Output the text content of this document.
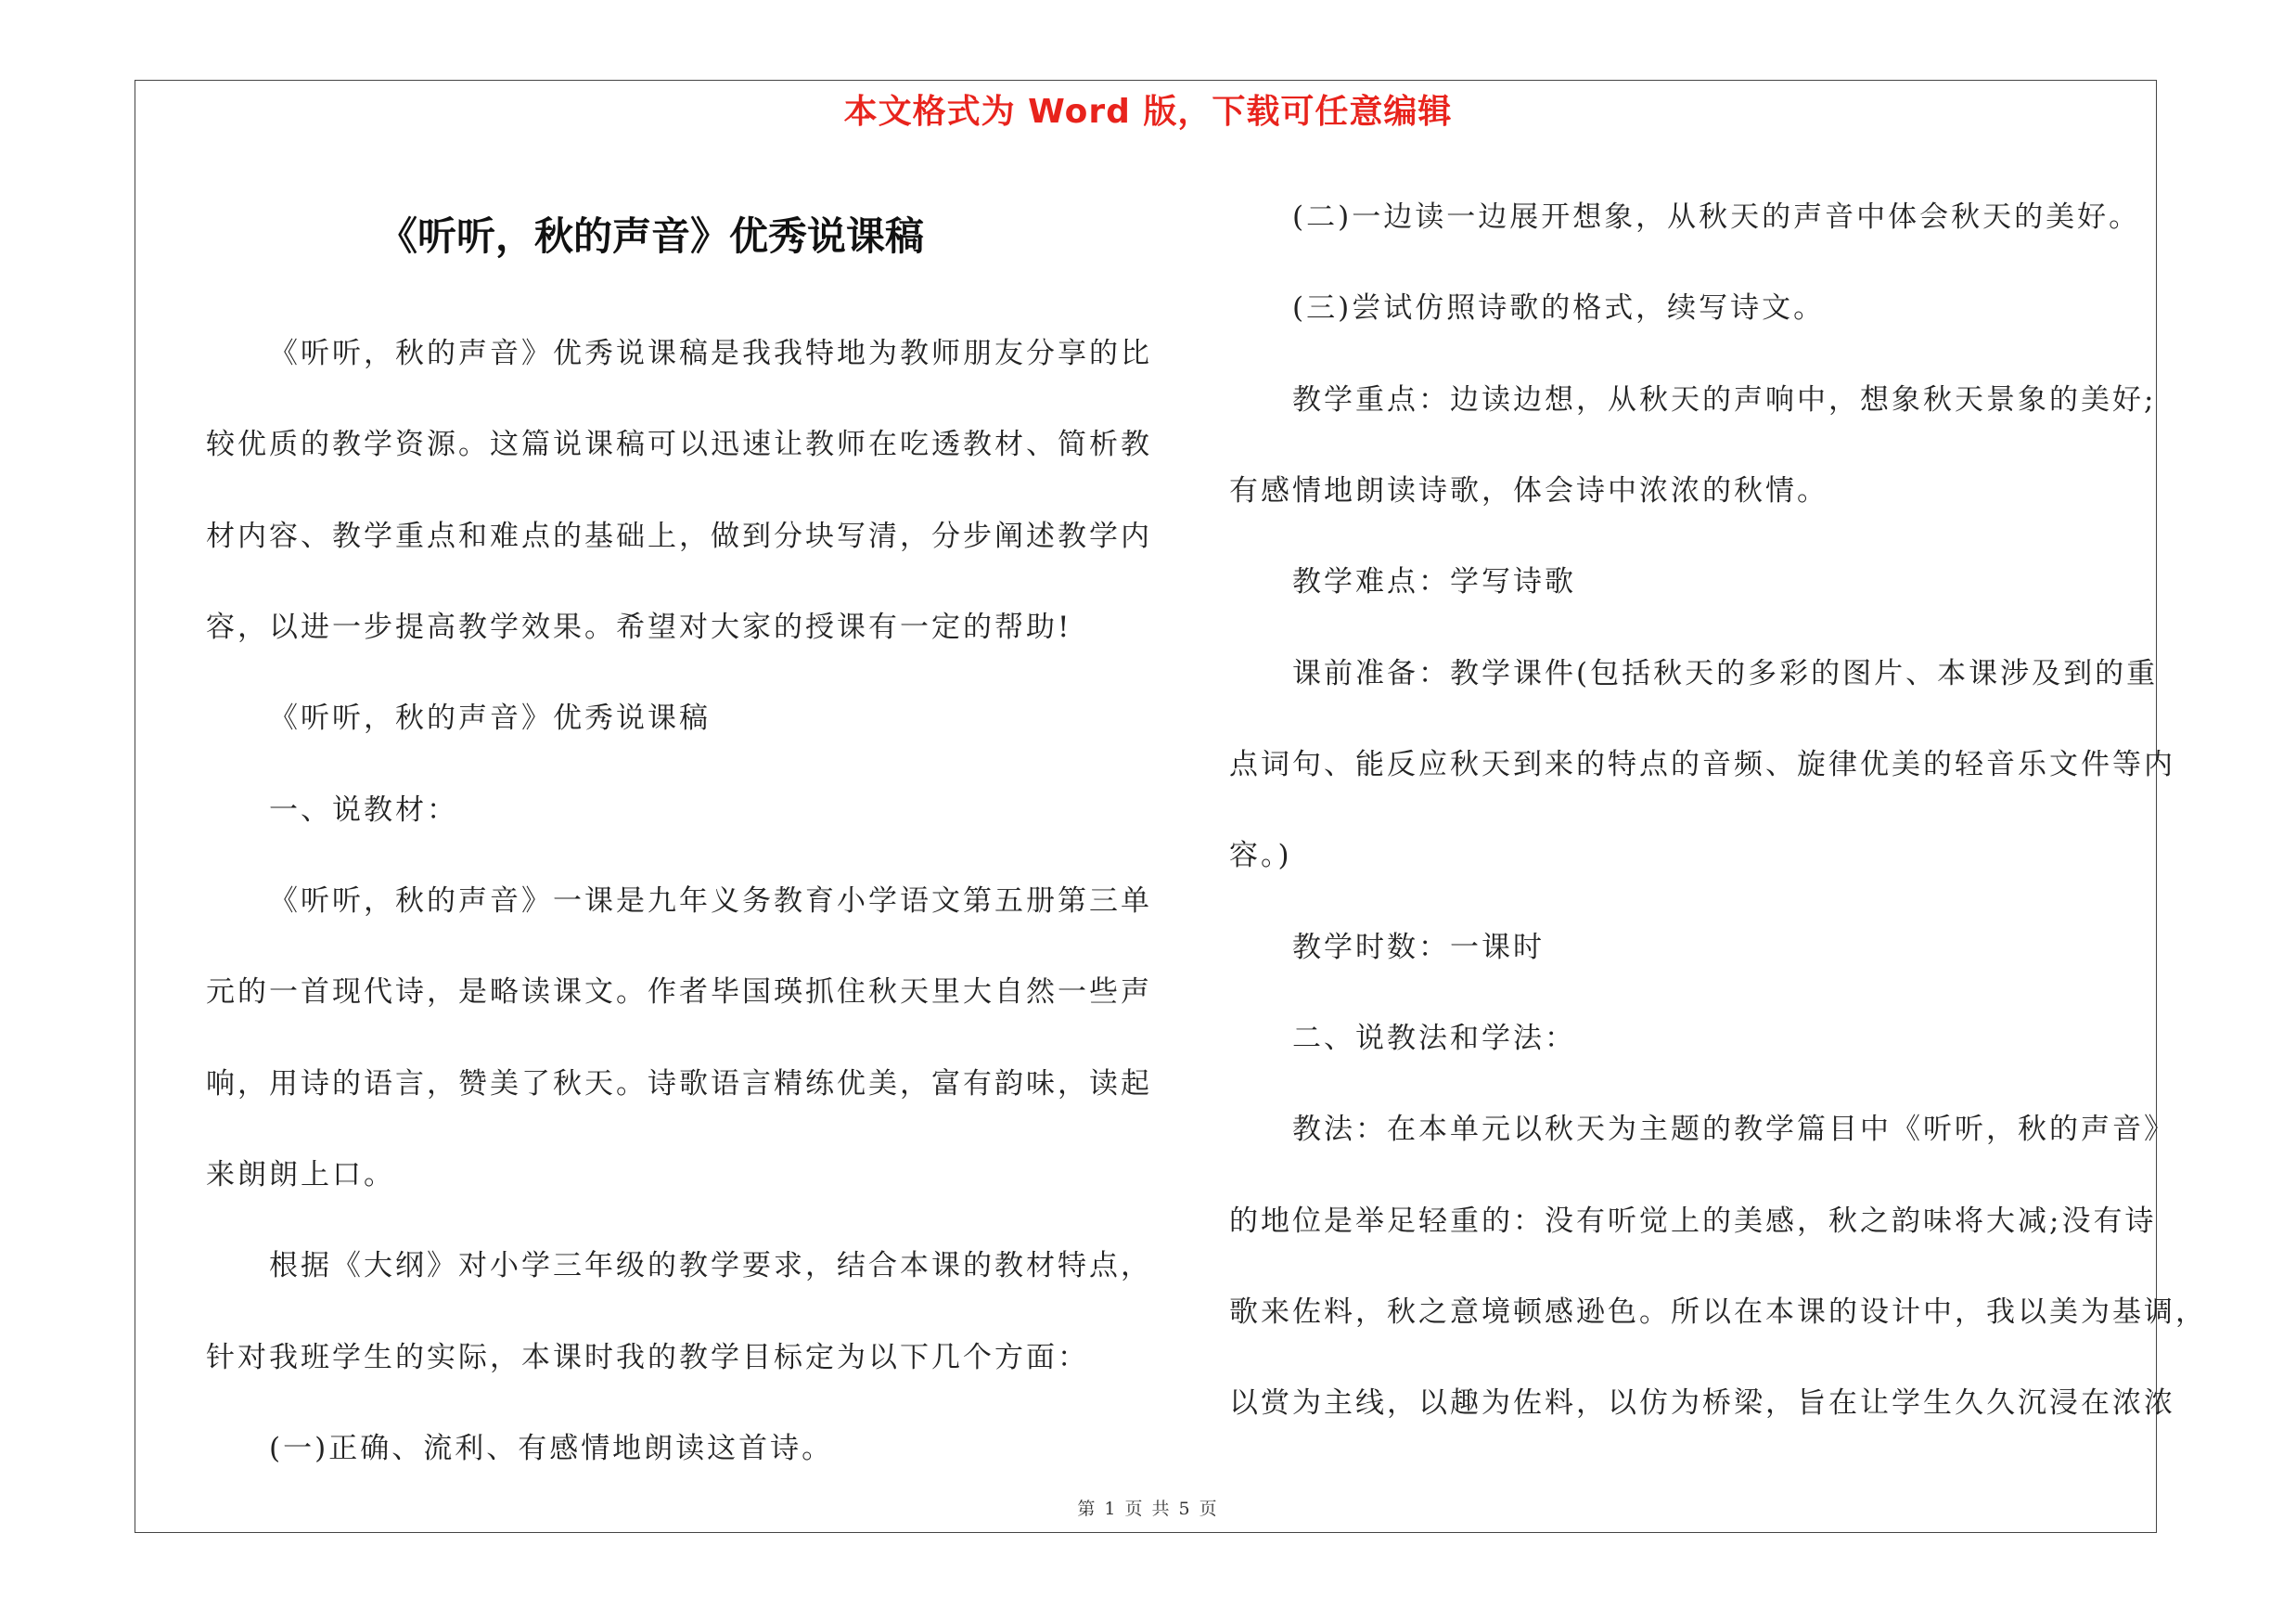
本文格式为 Word 版，下载可任意编辑
《听听，秋的声音》优秀说课稿
《听听，秋的声音》优秀说课稿是我我特地为教师朋友分享的比
较优质的教学资源。这篇说课稿可以迅速让教师在吃透教材、简析教
材内容、教学重点和难点的基础上，做到分块写清，分步阐述教学内
容，以进一步提高教学效果。希望对大家的授课有一定的帮助!
《听听，秋的声音》优秀说课稿
一、说教材：
《听听，秋的声音》一课是九年义务教育小学语文第五册第三单
元的一首现代诗，是略读课文。作者毕国瑛抓住秋天里大自然一些声
响，用诗的语言，赞美了秋天。诗歌语言精练优美，富有韵味，读起
来朗朗上口。
根据《大纲》对小学三年级的教学要求，结合本课的教材特点，
针对我班学生的实际，本课时我的教学目标定为以下几个方面：
(一)正确、流利、有感情地朗读这首诗。
(二)一边读一边展开想象，从秋天的声音中体会秋天的美好。
(三)尝试仿照诗歌的格式，续写诗文。
教学重点：边读边想，从秋天的声响中，想象秋天景象的美好;
有感情地朗读诗歌，体会诗中浓浓的秋情。
教学难点：学写诗歌
课前准备：教学课件(包括秋天的多彩的图片、本课涉及到的重
点词句、能反应秋天到来的特点的音频、旋律优美的轻音乐文件等内
容。)
教学时数：一课时
二、说教法和学法：
教法：在本单元以秋天为主题的教学篇目中《听听，秋的声音》
的地位是举足轻重的：没有听觉上的美感，秋之韵味将大减;没有诗
歌来佐料，秋之意境顿感逊色。所以在本课的设计中，我以美为基调，
以赏为主线，以趣为佐料，以仿为桥梁，旨在让学生久久沉浸在浓浓
第 1 页 共 5 页
